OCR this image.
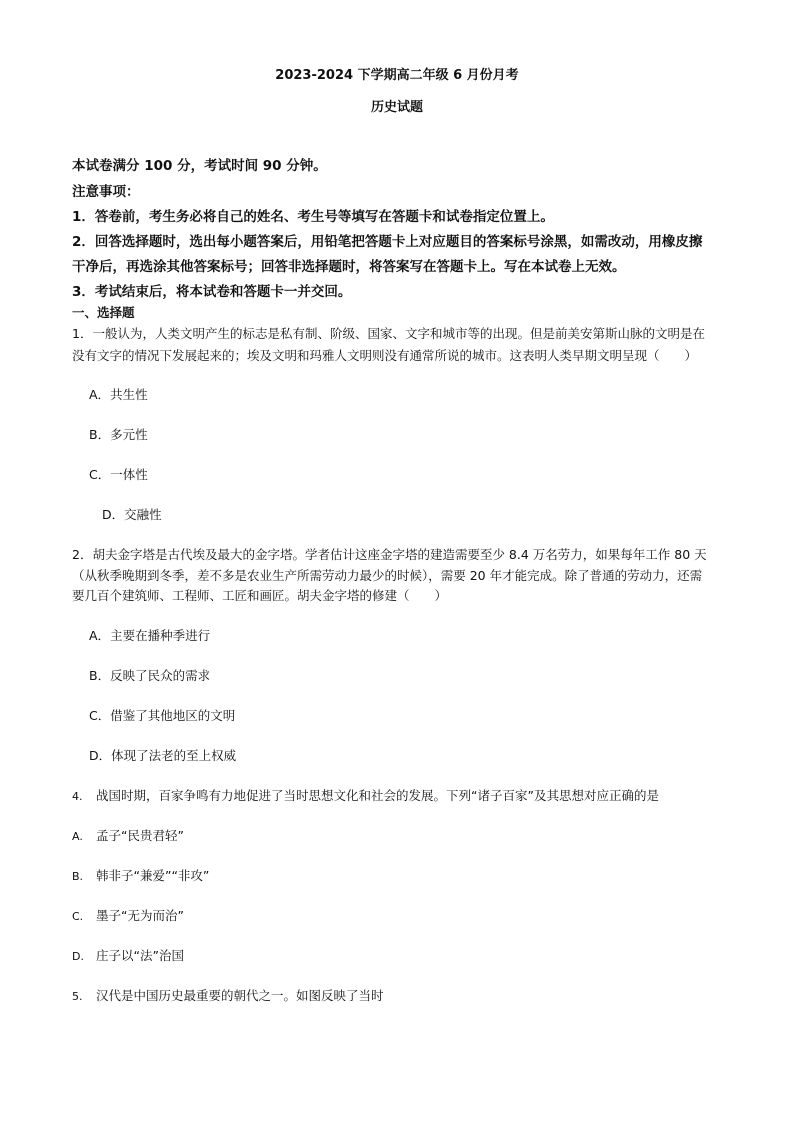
2023-2024 下学期高二年级 6 月份月考
历史试题
本试卷满分 100 分，考试时间 90 分钟。
注意事项：
1．答卷前，考生务必将自己的姓名、考生号等填写在答题卡和试卷指定位置上。
2．回答选择题时，选出每小题答案后，用铅笔把答题卡上对应题目的答案标号涂黑，如需改动，用橡皮擦
干净后，再选涂其他答案标号；回答非选择题时，将答案写在答题卡上。写在本试卷上无效。
3．考试结束后，将本试卷和答题卡一并交回。
一、选择题
1．一般认为，人类文明产生的标志是私有制、阶级、国家、文字和城市等的出现。但是前美安第斯山脉的文明是在
没有文字的情况下发展起来的；埃及文明和玛雅人文明则没有通常所说的城市。这表明人类早期文明呈现（　　）
A．共生性
B．多元性
C．一体性
D．交融性
2．胡夫金字塔是古代埃及最大的金字塔。学者估计这座金字塔的建造需要至少 8.4 万名劳力，如果每年工作 80 天
（从秋季晚期到冬季，差不多是农业生产所需劳动力最少的时候），需要 20 年才能完成。除了普通的劳动力，还需
要几百个建筑师、工程师、工匠和画匠。胡夫金字塔的修建（　　）
A．主要在播种季进行
B．反映了民众的需求
C．借鉴了其他地区的文明
D．体现了法老的至上权威
4. 战国时期，百家争鸣有力地促进了当时思想文化和社会的发展。下列“诸子百家”及其思想对应正确的是
A. 孟子“民贵君轻”
B. 韩非子“兼爱”“非攻”
C. 墨子“无为而治”
D. 庄子以“法”治国
5. 汉代是中国历史最重要的朝代之一。如图反映了当时
